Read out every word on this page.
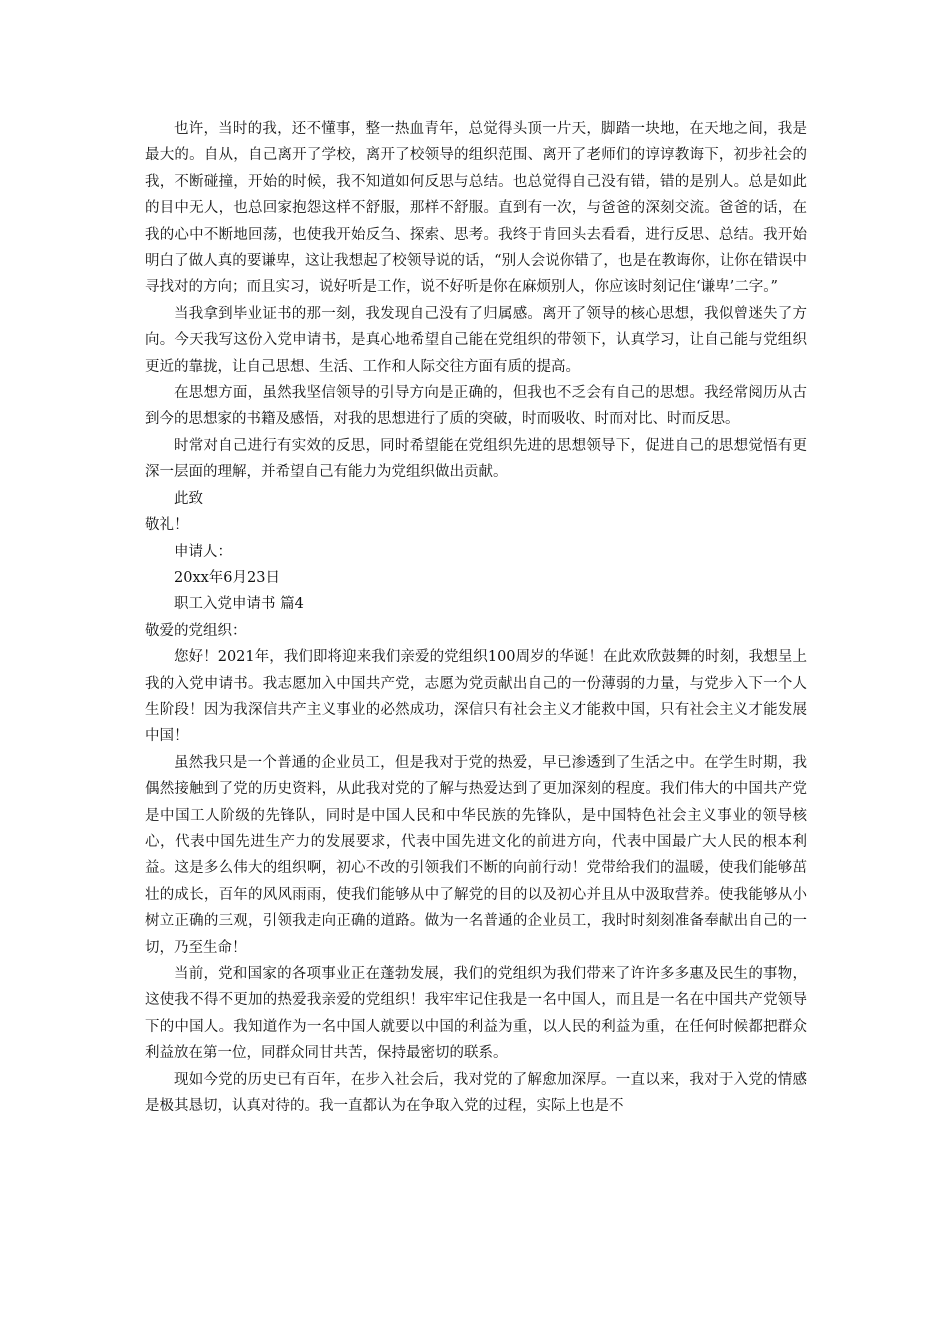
也许，当时的我，还不懂事，整一热血青年，总觉得头顶一片天，脚踏一块地，在天地之间，我是最大的。自从，自己离开了学校，离开了校领导的组织范围、离开了老师们的谆谆教诲下，初步社会的我，不断碰撞，开始的时候，我不知道如何反思与总结。也总觉得自己没有错，错的是别人。总是如此的目中无人，也总回家抱怨这样不舒服，那样不舒服。直到有一次，与爸爸的深刻交流。爸爸的话，在我的心中不断地回荡，也使我开始反刍、探索、思考。我终于肯回头去看看，进行反思、总结。我开始明白了做人真的要谦卑，这让我想起了校领导说的话，“别人会说你错了，也是在教诲你，让你在错误中寻找对的方向；而且实习，说好听是工作，说不好听是你在麻烦别人，你应该时刻记住‘谦卑’二字。”

当我拿到毕业证书的那一刻，我发现自己没有了归属感。离开了领导的核心思想，我似曾迷失了方向。今天我写这份入党申请书，是真心地希望自己能在党组织的带领下，认真学习，让自己能与党组织更近的靠拢，让自己思想、生活、工作和人际交往方面有质的提高。

在思想方面，虽然我坚信领导的引导方向是正确的，但我也不乏会有自己的思想。我经常阅历从古到今的思想家的书籍及感悟，对我的思想进行了质的突破，时而吸收、时而对比、时而反思。

时常对自己进行有实效的反思，同时希望能在党组织先进的思想领导下，促进自己的思想觉悟有更深一层面的理解，并希望自己有能力为党组织做出贡献。

此致

敬礼！

申请人：

20xx年6月23日

职工入党申请书 篇4

敬爱的党组织：

您好！2021年，我们即将迎来我们亲爱的党组织100周岁的华诞！在此欢欣鼓舞的时刻，我想呈上我的入党申请书。我志愿加入中国共产党，志愿为党贡献出自己的一份薄弱的力量，与党步入下一个人生阶段！因为我深信共产主义事业的必然成功，深信只有社会主义才能救中国，只有社会主义才能发展中国！

虽然我只是一个普通的企业员工，但是我对于党的热爱，早已渗透到了生活之中。在学生时期，我偶然接触到了党的历史资料，从此我对党的了解与热爱达到了更加深刻的程度。我们伟大的中国共产党是中国工人阶级的先锋队，同时是中国人民和中华民族的先锋队，是中国特色社会主义事业的领导核心，代表中国先进生产力的发展要求，代表中国先进文化的前进方向，代表中国最广大人民的根本利益。这是多么伟大的组织啊，初心不改的引领我们不断的向前行动！党带给我们的温暖，使我们能够茁壮的成长，百年的风风雨雨，使我们能够从中了解党的目的以及初心并且从中汲取营养。使我能够从小树立正确的三观，引领我走向正确的道路。做为一名普通的企业员工，我时时刻刻准备奉献出自己的一切，乃至生命！

当前，党和国家的各项事业正在蓬勃发展，我们的党组织为我们带来了许许多多惠及民生的事物，这使我不得不更加的热爱我亲爱的党组织！我牢牢记住我是一名中国人，而且是一名在中国共产党领导下的中国人。我知道作为一名中国人就要以中国的利益为重，以人民的利益为重，在任何时候都把群众利益放在第一位，同群众同甘共苦，保持最密切的联系。

现如今党的历史已有百年，在步入社会后，我对党的了解愈加深厚。一直以来，我对于入党的情感是极其恳切，认真对待的。我一直都认为在争取入党的过程，实际上也是不
